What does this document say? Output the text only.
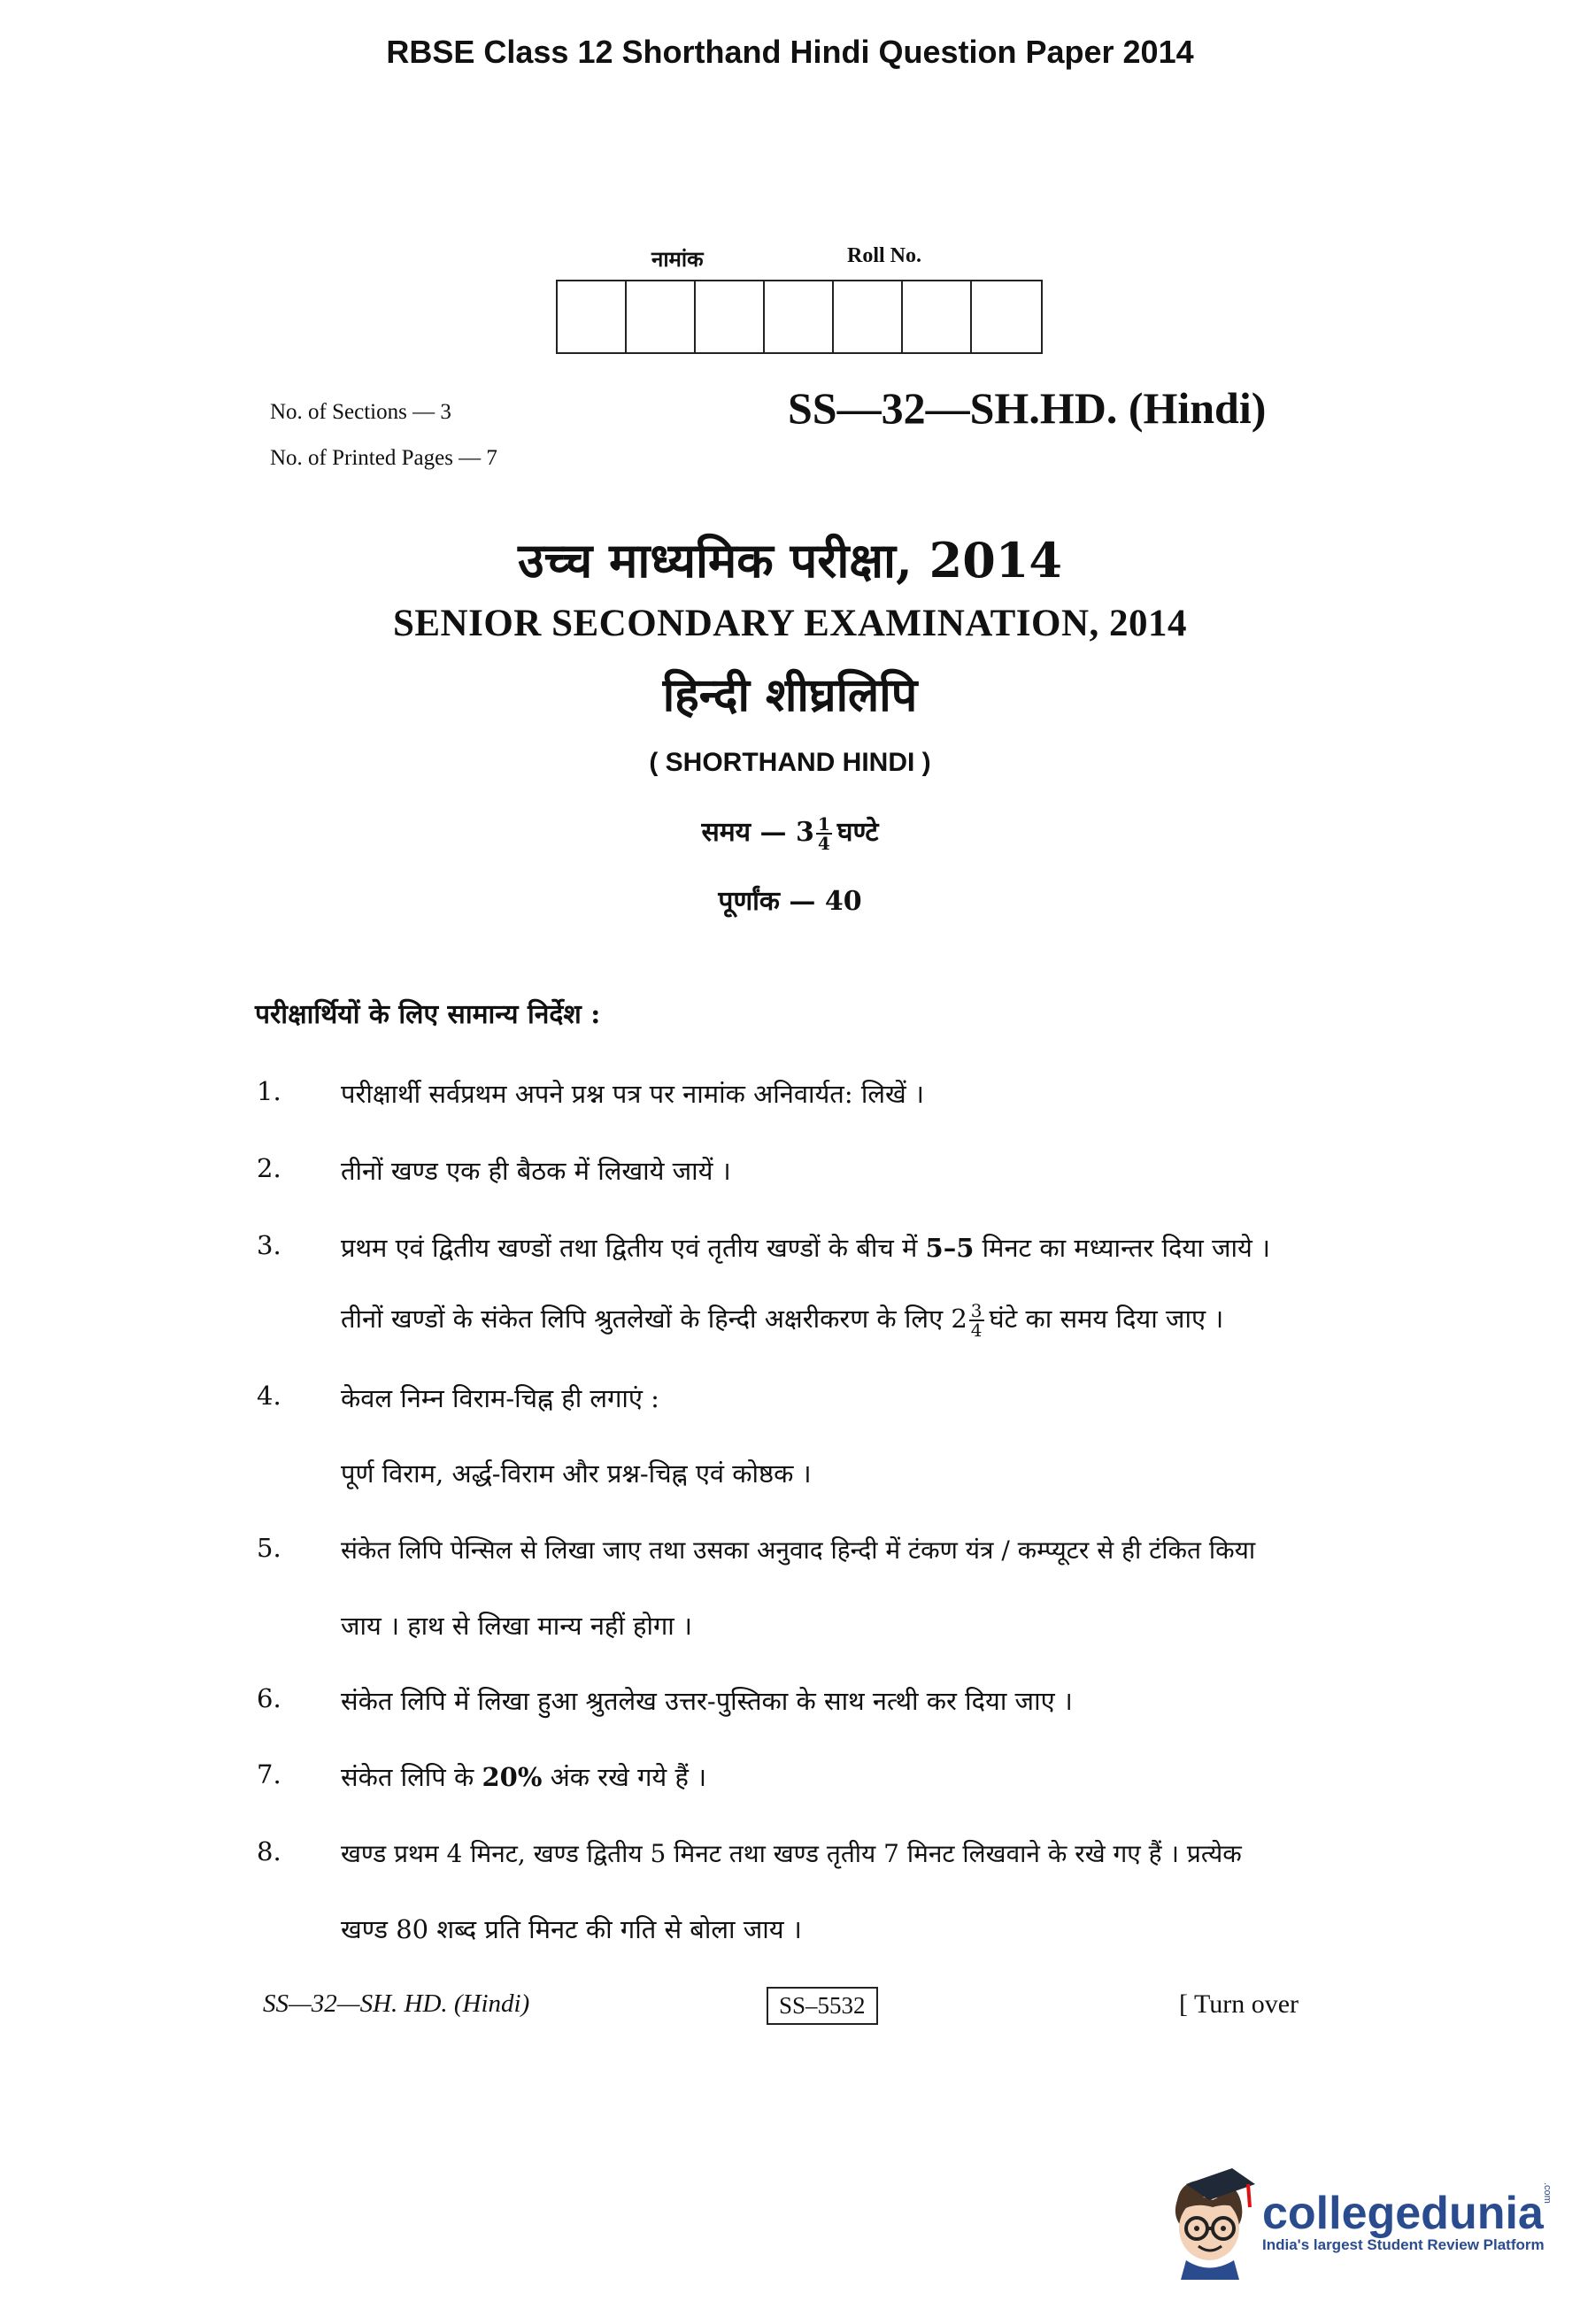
RBSE Class 12 Shorthand Hindi Question Paper 2014
नामांक	Roll No.
No. of Sections — 3
No. of Printed Pages — 7
SS—32—SH.HD. (Hindi)
उच्च माध्यमिक परीक्षा, 2014
SENIOR SECONDARY EXAMINATION, 2014
हिन्दी शीघ्रलिपि
( SHORTHAND HINDI )
समय — $3 \frac{1}{4}$ घण्टे
पूर्णांक — 40
परीक्षार्थियों के लिए सामान्य निर्देश :
1. परीक्षार्थी सर्वप्रथम अपने प्रश्न पत्र पर नामांक अनिवार्यत: लिखें ।
2. तीनों खण्ड एक ही बैठक में लिखाये जायें ।
3. प्रथम एवं द्वितीय खण्डों तथा द्वितीय एवं तृतीय खण्डों के बीच में 5–5 मिनट का मध्यान्तर दिया जाये ।
तीनों खण्डों के संकेत लिपि श्रुतलेखों के हिन्दी अक्षरीकरण के लिए $2 \frac{3}{4}$ घंटे का समय दिया जाए ।
4. केवल निम्न विराम-चिह्न ही लगाएं :
पूर्ण विराम, अर्द्ध-विराम और प्रश्न-चिह्न एवं कोष्ठक ।
5. संकेत लिपि पेन्सिल से लिखा जाए तथा उसका अनुवाद हिन्दी में टंकण यंत्र / कम्प्यूटर से ही टंकित किया
जाय । हाथ से लिखा मान्य नहीं होगा ।
6. संकेत लिपि में लिखा हुआ श्रुतलेख उत्तर-पुस्तिका के साथ नत्थी कर दिया जाए ।
7. संकेत लिपि के 20% अंक रखे गये हैं ।
8. खण्ड प्रथम 4 मिनट, खण्ड द्वितीय 5 मिनट तथा खण्ड तृतीय 7 मिनट लिखवाने के रखे गए हैं । प्रत्येक
खण्ड 80 शब्द प्रति मिनट की गति से बोला जाय ।
SS—32—SH. HD. (Hindi)	SS–5532	[ Turn over
collegedunia
India's largest Student Review Platform
.com
